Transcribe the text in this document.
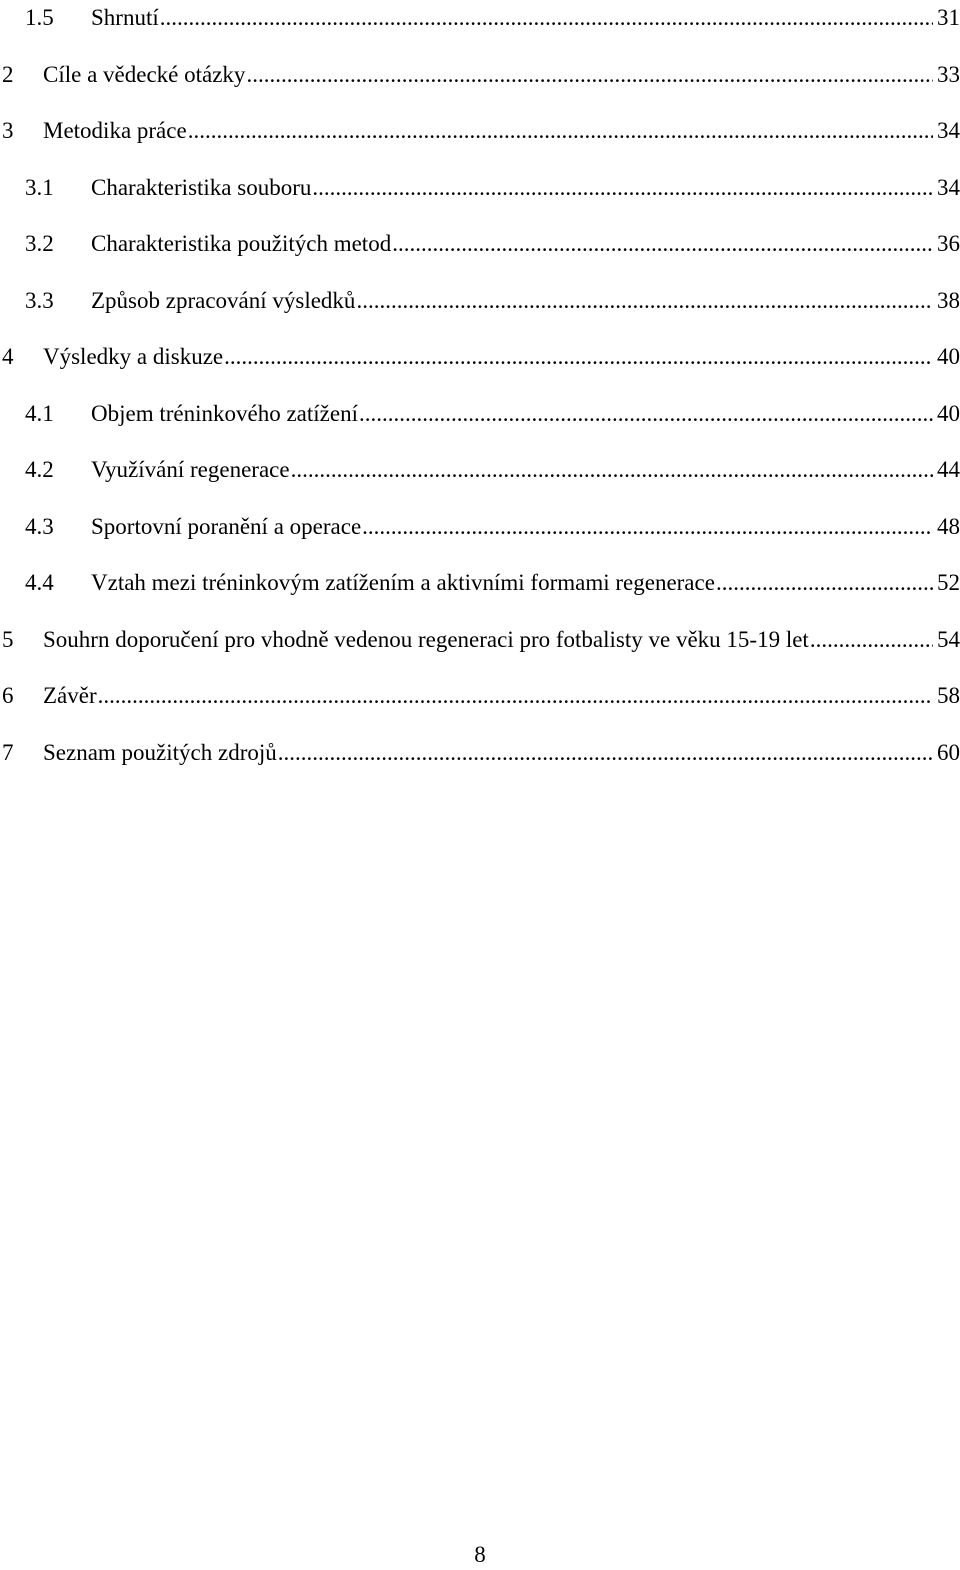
1.5	Shrnutí .....	31
2	Cíle a vědecké otázky .....	33
3	Metodika práce .....	34
3.1	Charakteristika souboru .....	34
3.2	Charakteristika použitých metod .....	36
3.3	Způsob zpracování výsledků .....	38
4	Výsledky a diskuze .....	40
4.1	Objem tréninkového zatížení .....	40
4.2	Využívání regenerace .....	44
4.3	Sportovní poranění a operace .....	48
4.4	Vztah mezi tréninkovým zatížením a aktivními formami regenerace .....	52
5	Souhrn doporučení pro vhodně vedenou regeneraci pro fotbalisty ve věku 15-19 let .....	54
6	Závěr .....	58
7	Seznam použitých zdrojů .....	60
8
